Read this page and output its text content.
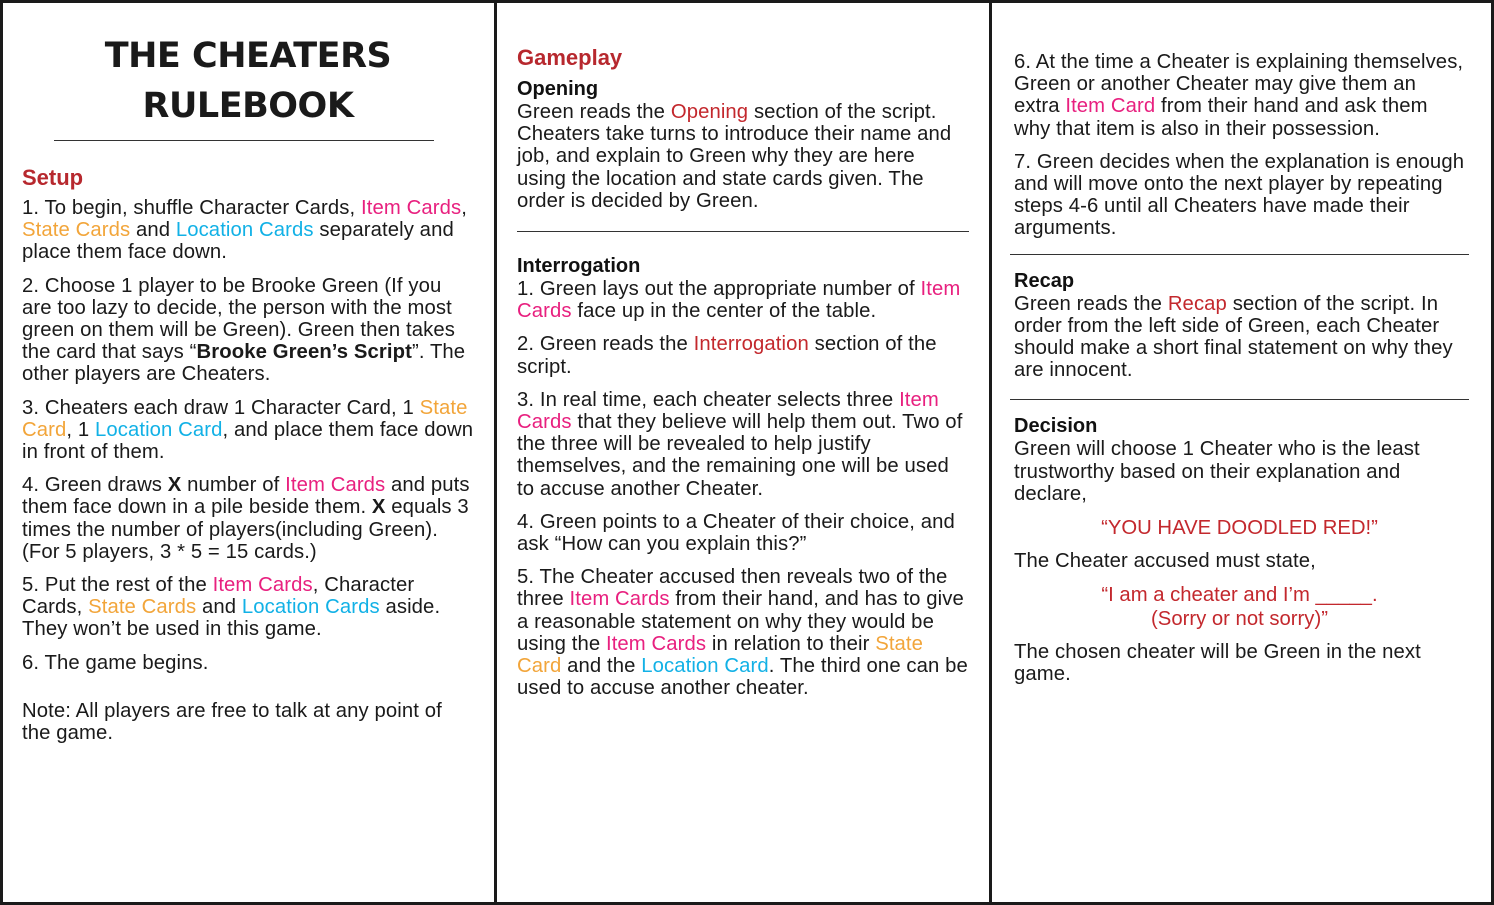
THE CHEATERS
RULEBOOK
Setup

1. To begin, shuffle Character Cards, Item Cards, State Cards and Location Cards separately and place them face down.

2. Choose 1 player to be Brooke Green (If you are too lazy to decide, the person with the most green on them will be Green). Green then takes the card that says “Brooke Green’s Script”. The other players are Cheaters.

3. Cheaters each draw 1 Character Card, 1 State Card, 1 Location Card, and place them face down in front of them.

4. Green draws X number of Item Cards and puts them face down in a pile beside them. X equals 3 times the number of players(including Green). (For 5 players, 3 * 5 = 15 cards.)

5. Put the rest of the Item Cards, Character Cards, State Cards and Location Cards aside. They won’t be used in this game.

6. The game begins.

Note: All players are free to talk at any point of the game.

Gameplay
Opening

Green reads the Opening section of the script.

Cheaters take turns to introduce their name and job, and explain to Green why they are here using the location and state cards given. The order is decided by Green.

Interrogation

1. Green lays out the appropriate number of Item Cards face up in the center of the table.

2. Green reads the Interrogation section of the script.

3. In real time, each cheater selects three Item Cards that they believe will help them out. Two of the three will be revealed to help justify themselves, and the remaining one will be used to accuse another Cheater.

4. Green points to a Cheater of their choice, and ask “How can you explain this?”

5. The Cheater accused then reveals two of the three Item Cards from their hand, and has to give a reasonable statement on why they would be using the Item Cards in relation to their State Card and the Location Card. The third one can be used to accuse another cheater.

6. At the time a Cheater is explaining themselves, Green or another Cheater may give them an extra Item Card from their hand and ask them why that item is also in their possession.

7. Green decides when the explanation is enough and will move onto the next player by repeating steps 4-6 until all Cheaters have made their arguments.

Recap

Green reads the Recap section of the script. In order from the left side of Green, each Cheater should make a short final statement on why they are innocent.

Decision

Green will choose 1 Cheater who is the least trustworthy based on their explanation and declare,

“YOU HAVE DOODLED RED!”

The Cheater accused must state,

“I am a cheater and I’m _____.
(Sorry or not sorry)”

The chosen cheater will be Green in the next game.
